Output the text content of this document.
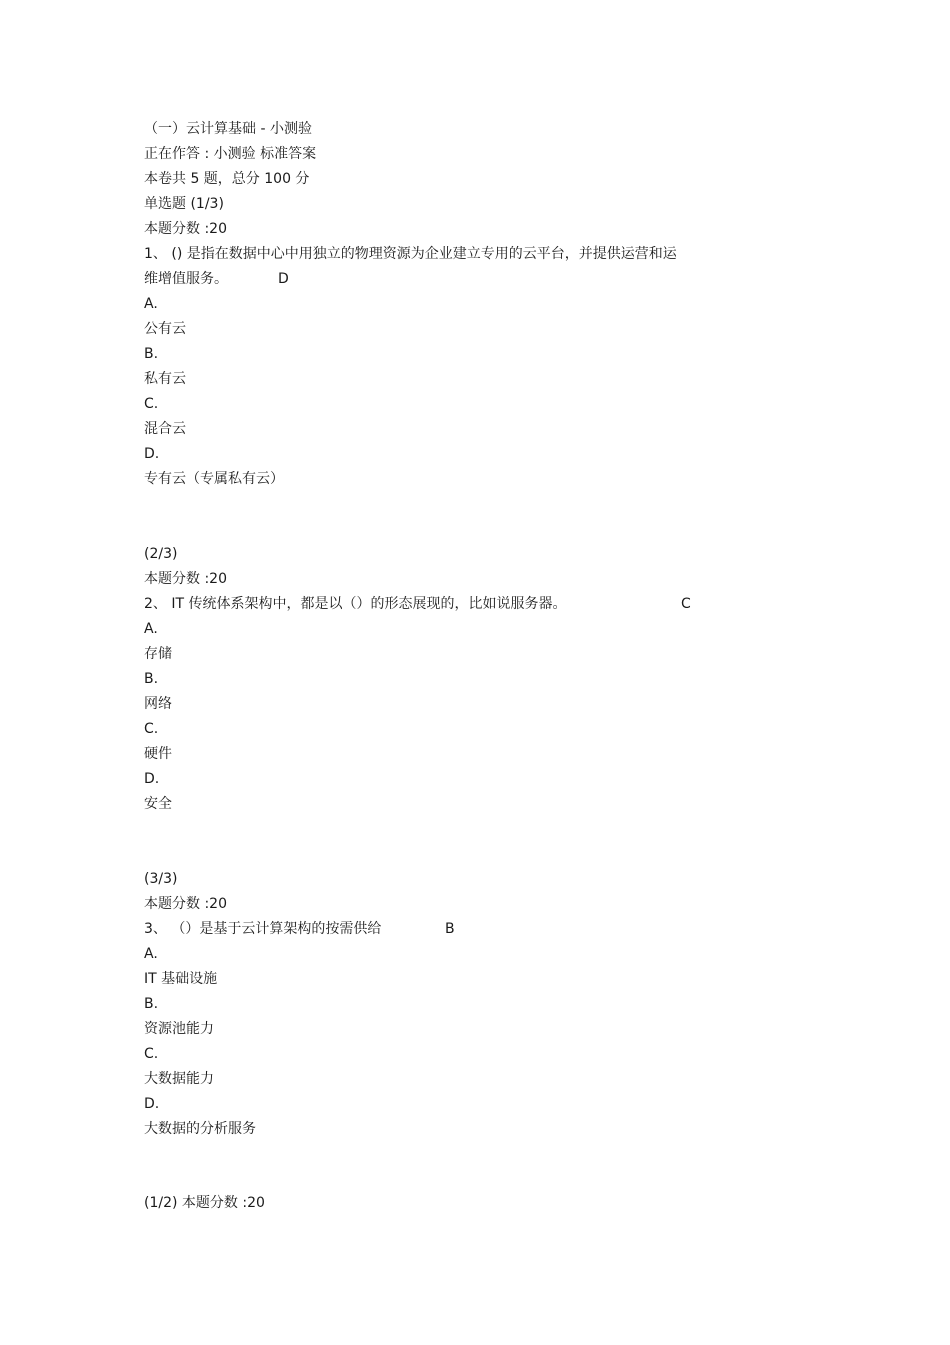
（一）云计算基础 - 小测验
正在作答 : 小测验 标准答案
本卷共 5 题，总分 100 分
单选题 (1/3)
本题分数 :20
1、 () 是指在数据中心中用独立的物理资源为企业建立专用的云平台，并提供运营和运
维增值服务。	D
A.
公有云
B.
私有云
C.
混合云
D.
专有云（专属私有云）
(2/3)
本题分数 :20
2、 IT 传统体系架构中，都是以（）的形态展现的，比如说服务器。	C
A.
存储
B.
网络
C.
硬件
D.
安全
(3/3)
本题分数 :20
3、 （）是基于云计算架构的按需供给	B
A.
IT 基础设施
B.
资源池能力
C.
大数据能力
D.
大数据的分析服务
(1/2) 本题分数 :20
